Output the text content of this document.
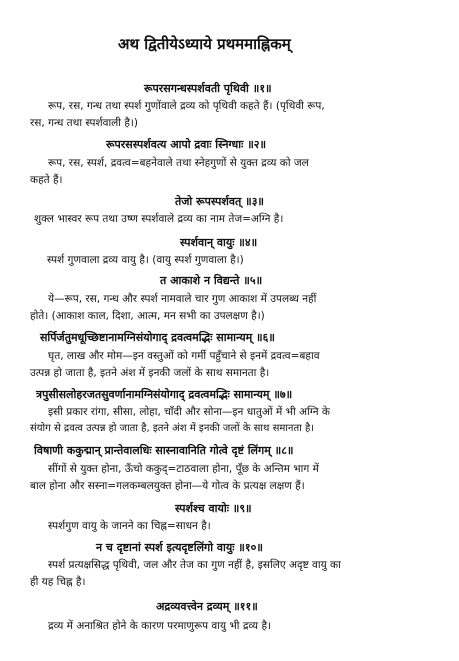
अथ द्वितीयेऽध्याये प्रथममाह्निकम्
रूपरसगन्धस्पर्शवती पृथिवी ॥१॥
रूप, रस, गन्ध तथा स्पर्श गुणोंवाले द्रव्य को पृथिवी कहते हैं। (पृथिवी रूप,
रस, गन्ध तथा स्पर्शवाली है।)
रूपरसस्पर्शवत्य आपो द्रवाः स्निग्धाः ॥२॥
रूप, रस, स्पर्श, द्रवत्व=बहनेवाले तथा स्नेहगुणों से युक्त द्रव्य को जल
कहते हैं।
तेजो रूपस्पर्शवत् ॥३॥
शुक्ल भास्वर रूप तथा उष्ण स्पर्शवाले द्रव्य का नाम तेज=अग्नि है।
स्पर्शवान् वायुः ॥४॥
स्पर्श गुणवाला द्रव्य वायु है। (वायु स्पर्श गुणवाला है।)
त आकाशे न विद्यन्ते ॥५॥
ये—रूप, रस, गन्ध और स्पर्श नामवाले चार गुण आकाश में उपलब्ध नहीं
होते। (आकाश काल, दिशा, आत्म, मन सभी का उपलक्षण है।)
सर्पिर्जतुमधूच्छिष्टानामग्निसंयोगाद् द्रवत्वमद्भिः सामान्यम् ॥६॥
घृत, लाख और मोम—इन वस्तुओं को गर्मी पहुँचाने से इनमें द्रवत्व=बहाव
उत्पन्न हो जाता है, इतने अंश में इनकी जलों के साथ समानता है।
त्रपुसीसलोहरजतसुवर्णानामग्निसंयोगाद् द्रवत्वमद्भिः सामान्यम् ॥७॥
इसी प्रकार रांगा, सीसा, लोहा, चाँदी और सोना—इन धातुओं में भी अग्नि के
संयोग से द्रवत्व उत्पन्न हो जाता है, इतने अंश में इनकी जलों के साथ समानता है।
विषाणी ककुद्मान् प्रान्तेवालधिः सास्नावानिति गोत्वे दृष्टं लिंगम् ॥८॥
सींगों से युक्त होना, ऊँचो ककुद्=टाठवाला होना, पूँछ के अन्तिम भाग में
बाल होना और सस्ना=गलकम्बलयुक्त होना—ये गोत्व के प्रत्यक्ष लक्षण हैं।
स्पर्शश्च वायोः ॥९॥
स्पर्शगुण वायु के जानने का चिह्न=साधन है।
न च दृष्टानां स्पर्श इत्यदृष्टलिंगो वायुः ॥१०॥
स्पर्श प्रत्यक्षसिद्ध पृथिवी, जल और तेज का गुण नहीं है, इसलिए अदृष्ट वायु का
ही यह चिह्न है।
अद्रव्यवत्त्वेन द्रव्यम् ॥११॥
द्रव्य में अनाश्रित होने के कारण परमाणुरूप वायु भी द्रव्य है।
